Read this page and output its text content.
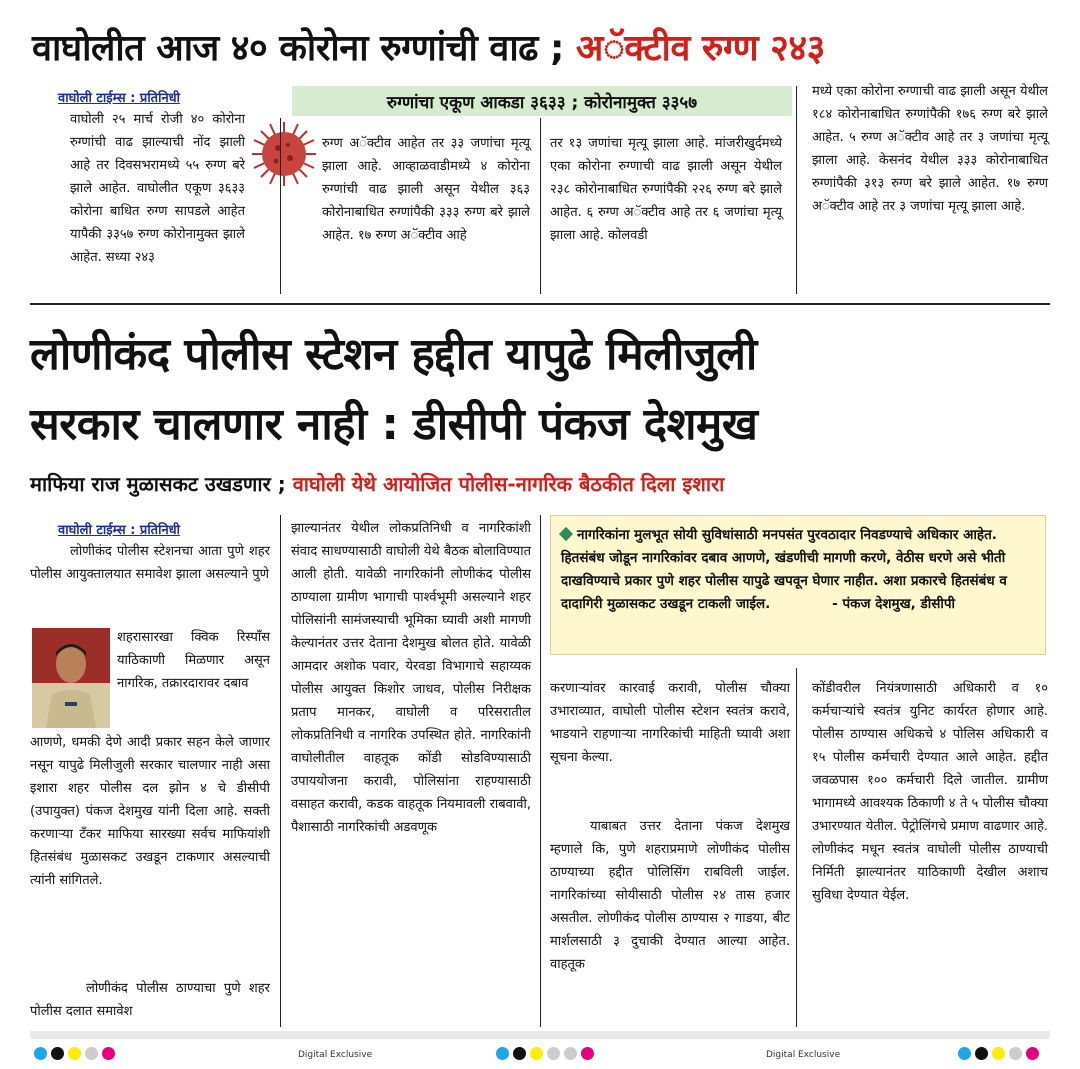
वाघोलीत आज ४० कोरोना रुग्णांची वाढ ; अॅक्टीव रुग्ण २४३
वाघोली टाईम्स : प्रतिनिधी	रुग्णांचा एकूण आकडा ३६३३ ; कोरोनामुक्त ३३५७
वाघोली २५ मार्च रोजी ४० कोरोना रुग्णांची वाढ झाल्याची नोंद झाली आहे तर दिवसभरामध्ये ५५ रुग्ण बरे झाले आहेत. वाघोलीत एकूण ३६३३ कोरोना बाधित रुग्ण सापडले आहेत यापैकी ३३५७ रुग्ण कोरोनामुक्त झाले आहेत. सध्या २४३
रुग्ण अॅक्टीव आहेत तर ३३ जणांचा मृत्यू झाला आहे. आव्हाळवाडीमध्ये ४ कोरोना रुग्णांची वाढ झाली असून येथील ३६३ कोरोनाबाधित रुग्णांपैकी ३३३ रुग्ण बरे झाले आहेत. १७ रुग्ण अॅक्टीव आहे
तर १३ जणांचा मृत्यू झाला आहे. मांजरीखुर्दमध्ये एका कोरोना रुग्णाची वाढ झाली असून येथील २३८ कोरोनाबाधित रुग्णांपैकी २२६ रुग्ण बरे झाले आहेत. ६ रुग्ण अॅक्टीव आहे तर ६ जणांचा मृत्यू झाला आहे. कोलवडी
मध्ये एका कोरोना रुग्णाची वाढ झाली असून येथील १८४ कोरोनाबाधित रुग्णांपैकी १७६ रुग्ण बरे झाले आहेत. ५ रुग्ण अॅक्टीव आहे तर ३ जणांचा मृत्यू झाला आहे. केसनंद येथील ३३३ कोरोनाबाधित रुग्णांपैकी ३१३ रुग्ण बरे झाले आहेत. १७ रुग्ण अॅक्टीव आहे तर ३ जणांचा मृत्यू झाला आहे.
लोणीकंद पोलीस स्टेशन हद्दीत यापुढे मिलीजुली
सरकार चालणार नाही : डीसीपी पंकज देशमुख
माफिया राज मुळासकट उखडणार ; वाघोली येथे आयोजित पोलीस-नागरिक बैठकीत दिला इशारा
वाघोली टाईम्स : प्रतिनिधी
लोणीकंद पोलीस स्टेशनचा आता पुणे शहर पोलीस आयुक्तालयात समावेश झाला असल्याने पुणे
शहरासारखा क्विक रिस्पॉंस याठिकाणी मिळणार असून नागरिक, तक्रारदारावर दबाव
आणणे, धमकी देणे आदी प्रकार सहन केले जाणार नसून यापुढे मिलीजुली सरकार चालणार नाही असा इशारा शहर पोलीस दल झोन ४ चे डीसीपी (उपायुक्त) पंकज देशमुख यांनी दिला आहे. सक्ती करणाऱ्या टँकर माफिया सारख्या सर्वच माफियांशी हितसंबंध मुळासकट उखडून टाकणार असल्याची त्यांनी सांगितले.
लोणीकंद पोलीस ठाण्याचा पुणे शहर पोलीस दलात समावेश
झाल्यानंतर येथील लोकप्रतिनिधी व नागरिकांशी संवाद साधण्यासाठी वाघोली येथे बैठक बोलाविण्यात आली होती. यावेळी नागरिकांनी लोणीकंद पोलीस ठाण्याला ग्रामीण भागाची पार्श्वभूमी असल्याने शहर पोलिसांनी सामंजस्याची भूमिका घ्यावी अशी मागणी केल्यानंतर उत्तर देताना देशमुख बोलत होते. यावेळी आमदार अशोक पवार, येरवडा विभागाचे सहाय्यक पोलीस आयुक्त किशोर जाधव, पोलीस निरीक्षक प्रताप मानकर, वाघोली व परिसरातील लोकप्रतिनिधी व नागरिक उपस्थित होते. नागरिकांनी वाघोलीतील वाहतूक कोंडी सोडविण्यासाठी उपाययोजना करावी, पोलिसांना राहण्यासाठी वसाहत करावी, कडक वाहतूक नियमावली राबवावी, पैशासाठी नागरिकांची अडवणूक
नागरिकांना मुलभूत सोयी सुविधांसाठी मनपसंत पुरवठादार निवडण्याचे अधिकार आहेत. हितसंबंध जोडून नागरिकांवर दबाव आणणे, खंडणीची मागणी करणे, वेठीस धरणे असे भीती दाखविण्याचे प्रकार पुणे शहर पोलीस यापुढे खपवून घेणार नाहीत. अशा प्रकारचे हितसंबंध व दादागिरी मुळासकट उखडून टाकली जाईल.	- पंकज देशमुख, डीसीपी
करणाऱ्यांवर कारवाई करावी, पोलीस चौक्या उभाराव्यात, वाघोली पोलीस स्टेशन स्वतंत्र करावे, भाडयाने राहणाऱ्या नागरिकांची माहिती घ्यावी अशा सूचना केल्या.
याबाबत उत्तर देताना पंकज देशमुख म्हणाले कि, पुणे शहराप्रमाणे लोणीकंद पोलीस ठाण्याच्या हद्दीत पोलिसिंग राबविली जाईल. नागरिकांच्या सोयीसाठी पोलीस २४ तास हजार असतील. लोणीकंद पोलीस ठाण्यास २ गाडया, बीट मार्शलसाठी ३ दुचाकी देण्यात आल्या आहेत. वाहतूक
कोंडीवरील नियंत्रणासाठी अधिकारी व १० कर्मचाऱ्यांचे स्वतंत्र युनिट कार्यरत होणार आहे. पोलीस ठाण्यास अधिकचे ४ पोलिस अधिकारी व १५ पोलीस कर्मचारी देण्यात आले आहेत. हद्दीत जवळपास १०० कर्मचारी दिले जातील. ग्रामीण भागामध्ये आवश्यक ठिकाणी ४ ते ५ पोलीस चौक्या उभारण्यात येतील. पेट्रोलिंगचे प्रमाण वाढणार आहे. लोणीकंद मधून स्वतंत्र वाघोली पोलीस ठाण्याची निर्मिती झाल्यानंतर याठिकाणी देखील अशाच सुविधा देण्यात येईल.
Digital Exclusive	Digital Exclusive
